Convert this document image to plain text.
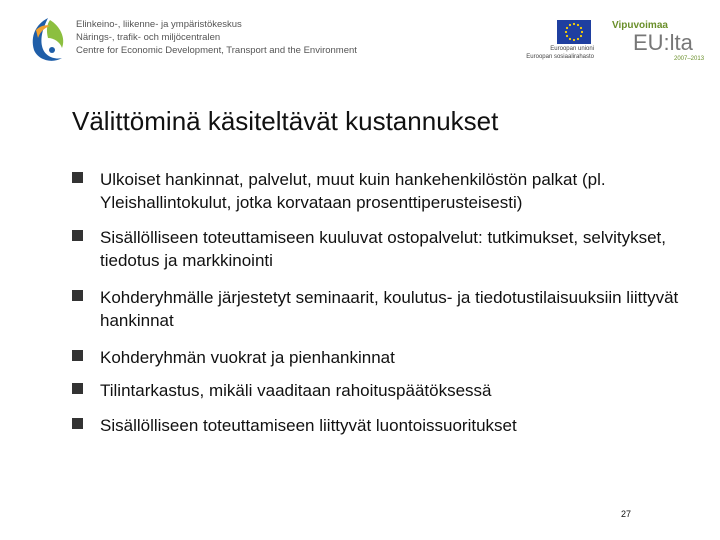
Elinkeino-, liikenne- ja ympäristökeskus
Närings-, trafik- och miljöcentralen
Centre for Economic Development, Transport and the Environment	Euroopan unioni
Euroopan sosiaalirahasto
Vipuvoimaa
EU:lta
2007–2013
Välittöminä käsiteltävät kustannukset
Ulkoiset hankinnat, palvelut, muut kuin hankehenkilöstön palkat (pl. Yleishallintokulut, jotka korvataan prosenttiperusteisesti)
Sisällölliseen toteuttamiseen kuuluvat ostopalvelut: tutkimukset, selvitykset, tiedotus ja markkinointi
Kohderyhmälle järjestetyt seminaarit, koulutus- ja tiedotustilaisuuksiin liittyvät hankinnat
Kohderyhmän vuokrat ja pienhankinnat
Tilintarkastus, mikäli vaaditaan rahoituspäätöksessä
Sisällölliseen toteuttamiseen liittyvät luontoissuoritukset
27
